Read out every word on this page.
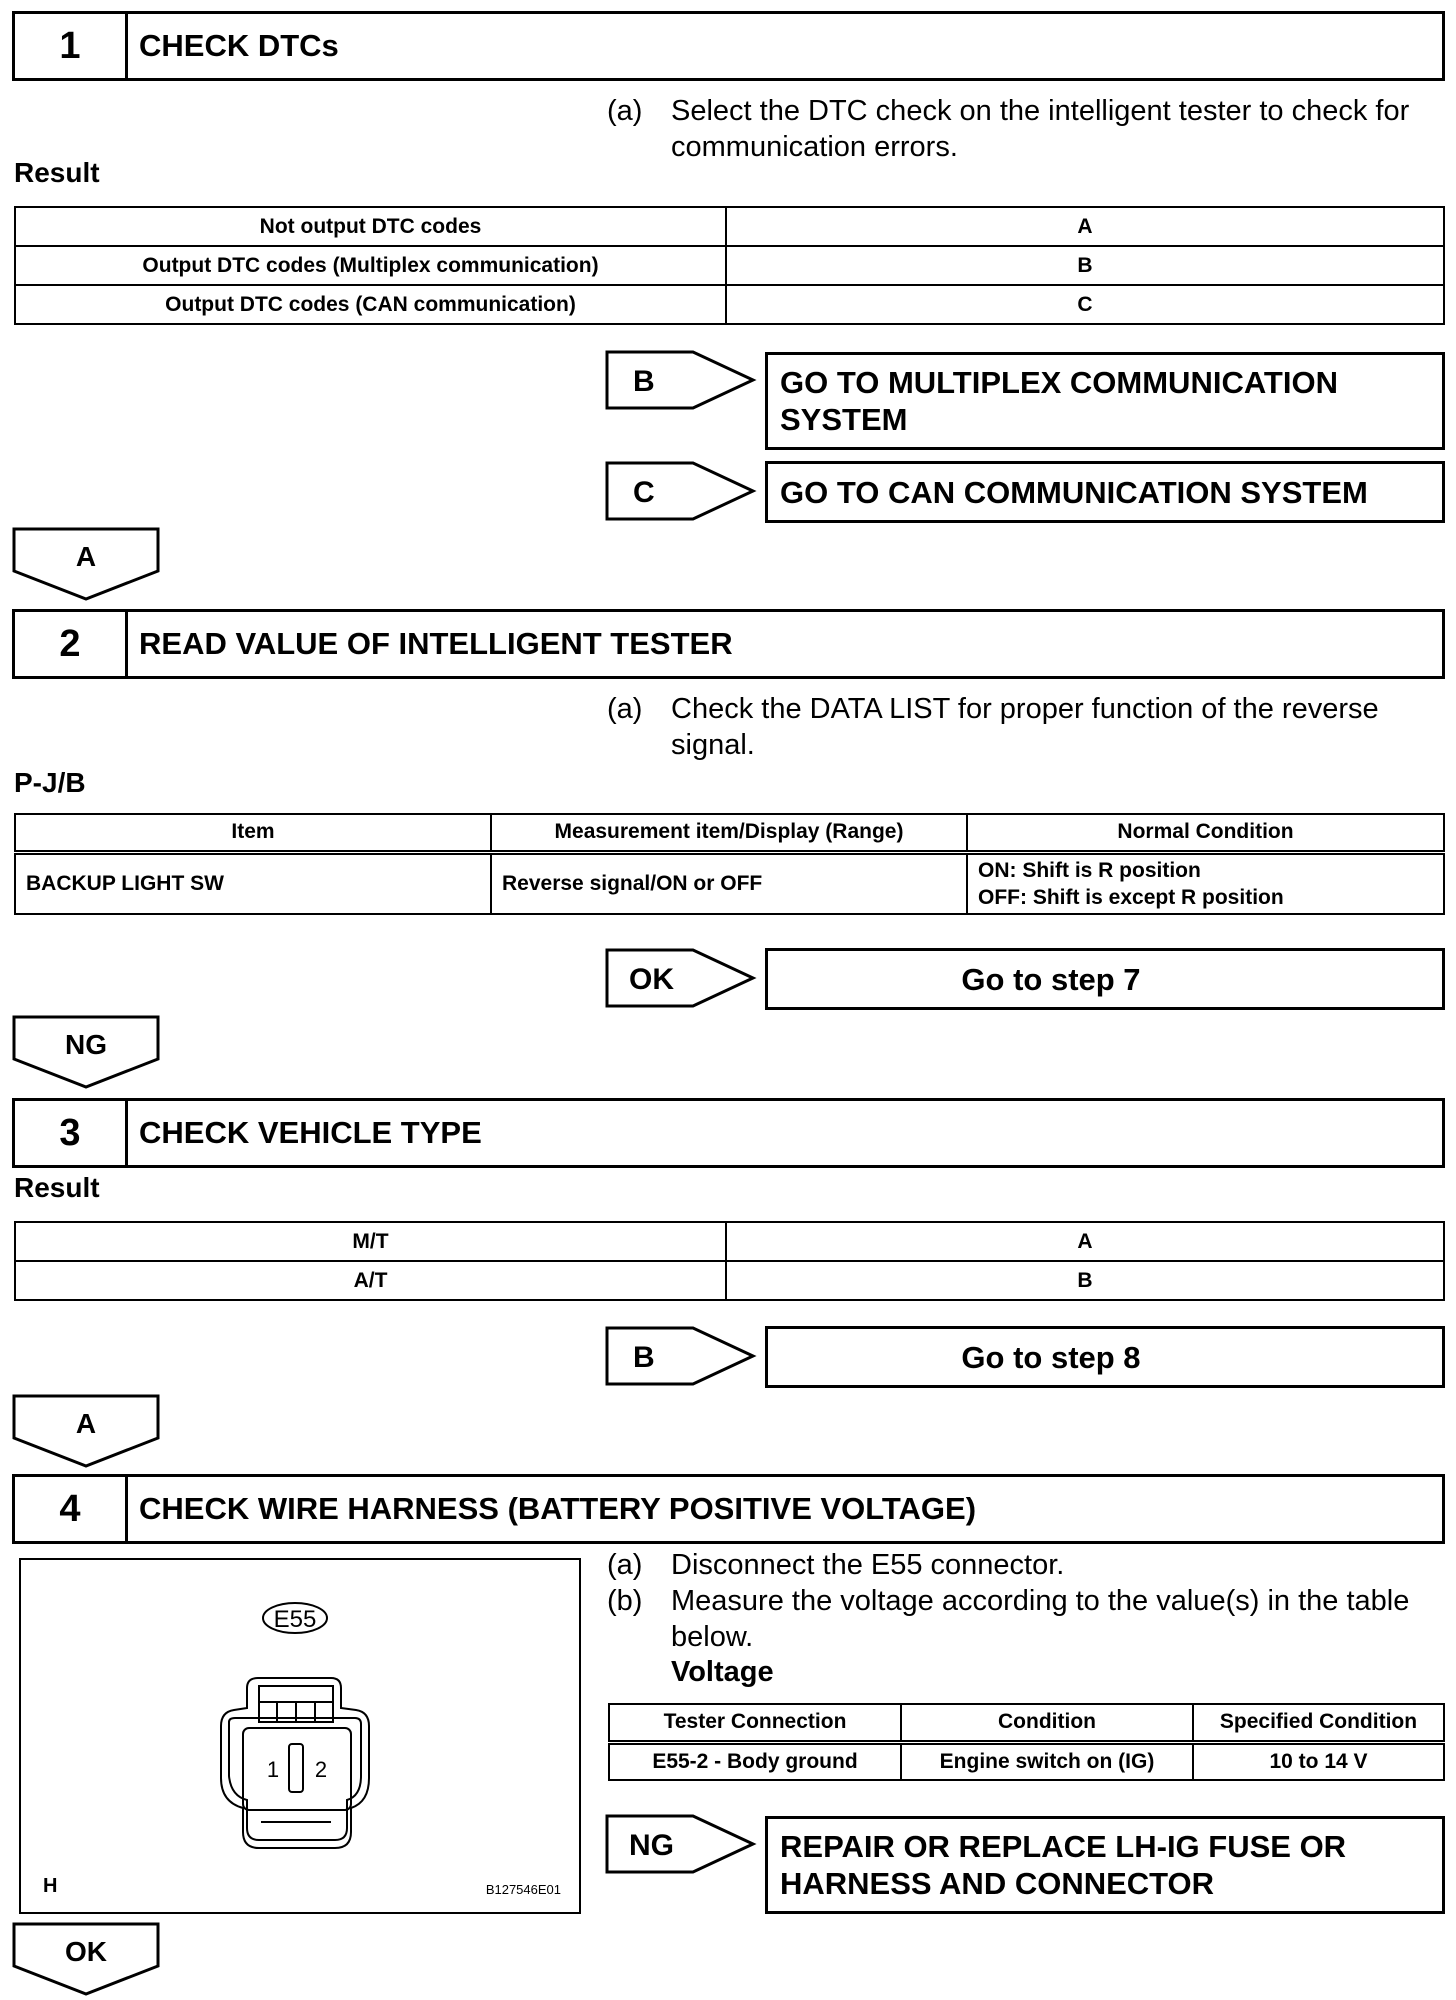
1	CHECK DTCs
(a) Select the DTC check on the intelligent tester to check for communication errors.
Result
Not output DTC codes	A
Output DTC codes (Multiplex communication)	B
Output DTC codes (CAN communication)	C
B	GO TO MULTIPLEX COMMUNICATION SYSTEM
C	GO TO CAN COMMUNICATION SYSTEM
A
2	READ VALUE OF INTELLIGENT TESTER
(a) Check the DATA LIST for proper function of the reverse signal.
P-J/B
Item	Measurement item/Display (Range)	Normal Condition
BACKUP LIGHT SW	Reverse signal/ON or OFF	ON: Shift is R position
OFF: Shift is except R position
OK	Go to step 7
NG
3	CHECK VEHICLE TYPE
Result
M/T	A
A/T	B
B	Go to step 8
A
4	CHECK WIRE HARNESS (BATTERY POSITIVE VOLTAGE)
E55
1 2
H	B127546E01
(a) Disconnect the E55 connector.
(b) Measure the voltage according to the value(s) in the table below.
Voltage
Tester Connection	Condition	Specified Condition
E55-2 - Body ground	Engine switch on (IG)	10 to 14 V
NG	REPAIR OR REPLACE LH-IG FUSE OR HARNESS AND CONNECTOR
OK
